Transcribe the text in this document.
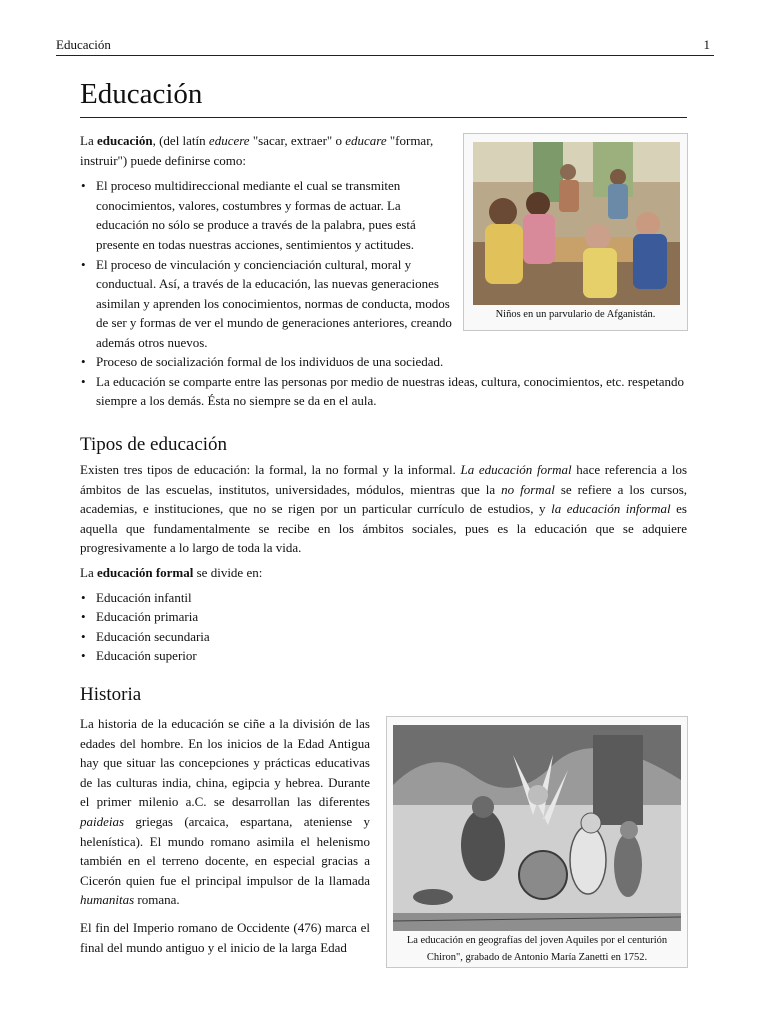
Educación	1
Educación

La educación, (del latín educere "sacar, extraer" o educare "formar, instruir") puede definirse como:

• El proceso multidireccional mediante el cual se transmiten conocimientos, valores, costumbres y formas de actuar. La educación no sólo se produce a través de la palabra, pues está presente en todas nuestras acciones, sentimientos y actitudes.
• El proceso de vinculación y concienciación cultural, moral y conductual. Así, a través de la educación, las nuevas generaciones asimilan y aprenden los conocimientos, normas de conducta, modos de ser y formas de ver el mundo de generaciones anteriores, creando además otros nuevos.
• Proceso de socialización formal de los individuos de una sociedad.
• La educación se comparte entre las personas por medio de nuestras ideas, cultura, conocimientos, etc. respetando siempre a los demás. Ésta no siempre se da en el aula.
Niños en un parvulario de Afganistán.
Tipos de educación

Existen tres tipos de educación: la formal, la no formal y la informal. La educación formal hace referencia a los ámbitos de las escuelas, institutos, universidades, módulos, mientras que la no formal se refiere a los cursos, academias, e instituciones, que no se rigen por un particular currículo de estudios, y la educación informal es aquella que fundamentalmente se recibe en los ámbitos sociales, pues es la educación que se adquiere progresivamente a lo largo de toda la vida.

La educación formal se divide en:

• Educación infantil
• Educación primaria
• Educación secundaria
• Educación superior
Historia

La historia de la educación se ciñe a la división de las edades del hombre. En los inicios de la Edad Antigua hay que situar las concepciones y prácticas educativas de las culturas india, china, egipcia y hebrea. Durante el primer milenio a.C. se desarrollan las diferentes paideias griegas (arcaica, espartana, ateniense y helenística). El mundo romano asimila el helenismo también en el terreno docente, en especial gracias a Cicerón quien fue el principal impulsor de la llamada humanitas romana.

El fin del Imperio romano de Occidente (476) marca el final del mundo antiguo y el inicio de la larga Edad	La educación en geografías del joven Aquiles por el centurión Chiron", grabado de Antonio María Zanetti en 1752.
